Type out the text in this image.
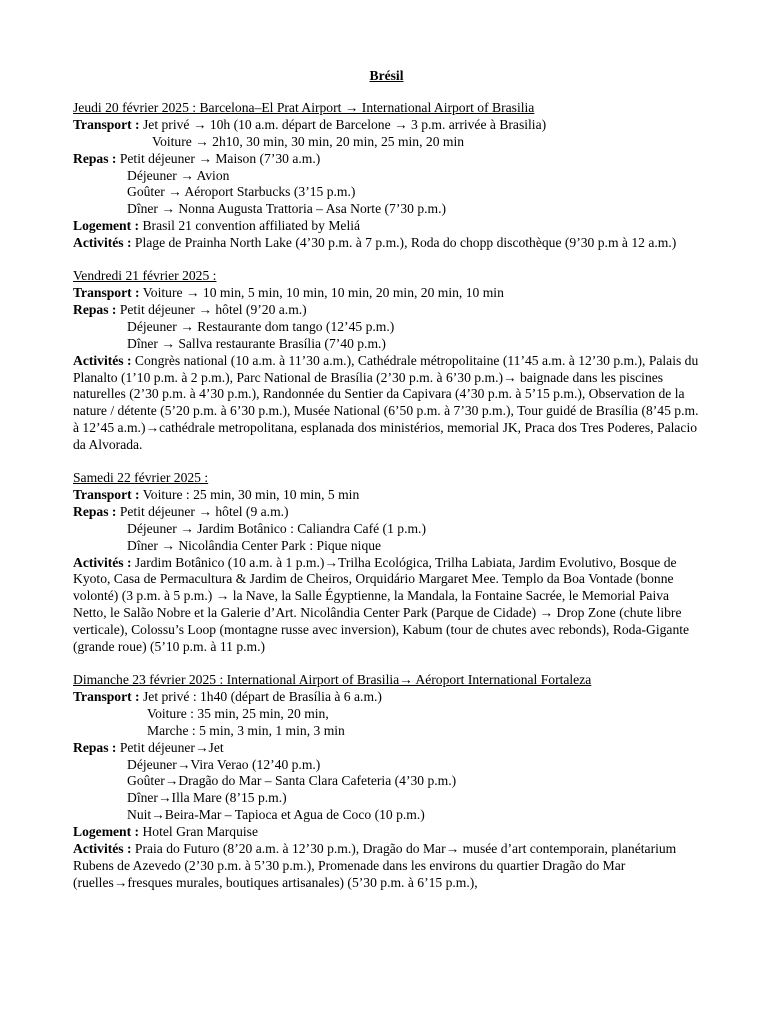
Brésil
Jeudi 20 février 2025 : Barcelona–El Prat Airport → International Airport of Brasilia
Transport : Jet privé → 10h (10 a.m. départ de Barcelone → 3 p.m. arrivée à Brasilia)
Voiture → 2h10, 30 min, 30 min, 20 min, 25 min, 20 min
Repas : Petit déjeuner → Maison (7’30 a.m.)
Déjeuner → Avion
Goûter → Aéroport Starbucks (3’15 p.m.)
Dîner → Nonna Augusta Trattoria – Asa Norte (7’30 p.m.)
Logement : Brasil 21 convention affiliated by Meliá
Activités : Plage de Prainha North Lake (4’30 p.m. à 7 p.m.), Roda do chopp discothèque (9’30 p.m à 12 a.m.)
Vendredi 21 février 2025 :
Transport : Voiture → 10 min, 5 min, 10 min, 10 min, 20 min, 20 min, 10 min
Repas : Petit déjeuner → hôtel (9’20 a.m.)
Déjeuner → Restaurante dom tango (12’45 p.m.)
Dîner → Sallva restaurante Brasília (7’40 p.m.)
Activités : Congrès national (10 a.m. à 11’30 a.m.), Cathédrale métropolitaine (11’45 a.m. à 12’30 p.m.), Palais du Planalto (1’10 p.m. à 2 p.m.), Parc National de Brasília (2’30 p.m. à 6’30 p.m.)→ baignade dans les piscines naturelles (2’30 p.m. à 4’30 p.m.), Randonnée du Sentier da Capivara (4’30 p.m. à 5’15 p.m.), Observation de la nature / détente (5’20 p.m. à 6’30 p.m.), Musée National (6’50 p.m. à 7’30 p.m.), Tour guidé de Brasília (8’45 p.m. à 12’45 a.m.)→cathédrale metropolitana, esplanada dos ministérios, memorial JK, Praca dos Tres Poderes, Palacio da Alvorada.
Samedi 22 février 2025 :
Transport : Voiture : 25 min, 30 min, 10 min, 5 min
Repas : Petit déjeuner → hôtel (9 a.m.)
Déjeuner → Jardim Botânico : Caliandra Café (1 p.m.)
Dîner → Nicolândia Center Park : Pique nique
Activités : Jardim Botânico (10 a.m. à 1 p.m.)→Trilha Ecológica, Trilha Labiata, Jardim Evolutivo, Bosque de Kyoto, Casa de Permacultura & Jardim de Cheiros, Orquidário Margaret Mee. Templo da Boa Vontade (bonne volonté) (3 p.m. à 5 p.m.) → la Nave, la Salle Égyptienne, la Mandala, la Fontaine Sacrée, le Memorial Paiva Netto, le Salão Nobre et la Galerie d’Art. Nicolândia Center Park (Parque de Cidade) → Drop Zone (chute libre verticale), Colossu’s Loop (montagne russe avec inversion), Kabum (tour de chutes avec rebonds), Roda-Gigante (grande roue) (5’10 p.m. à 11 p.m.)
Dimanche 23 février 2025 : International Airport of Brasilia→ Aéroport International Fortaleza
Transport : Jet privé : 1h40 (départ de Brasília à 6 a.m.)
Voiture : 35 min, 25 min, 20 min,
Marche : 5 min, 3 min, 1 min, 3 min
Repas : Petit déjeuner→Jet
Déjeuner→Vira Verao (12’40 p.m.)
Goûter→Dragão do Mar – Santa Clara Cafeteria (4’30 p.m.)
Dîner→Illa Mare (8’15 p.m.)
Nuit→Beira-Mar – Tapioca et Agua de Coco (10 p.m.)
Logement : Hotel Gran Marquise
Activités : Praia do Futuro (8’20 a.m. à 12’30 p.m.), Dragão do Mar→ musée d’art contemporain, planétarium Rubens de Azevedo (2’30 p.m. à 5’30 p.m.), Promenade dans les environs du quartier Dragão do Mar (ruelles→fresques murales, boutiques artisanales) (5’30 p.m. à 6’15 p.m.),
